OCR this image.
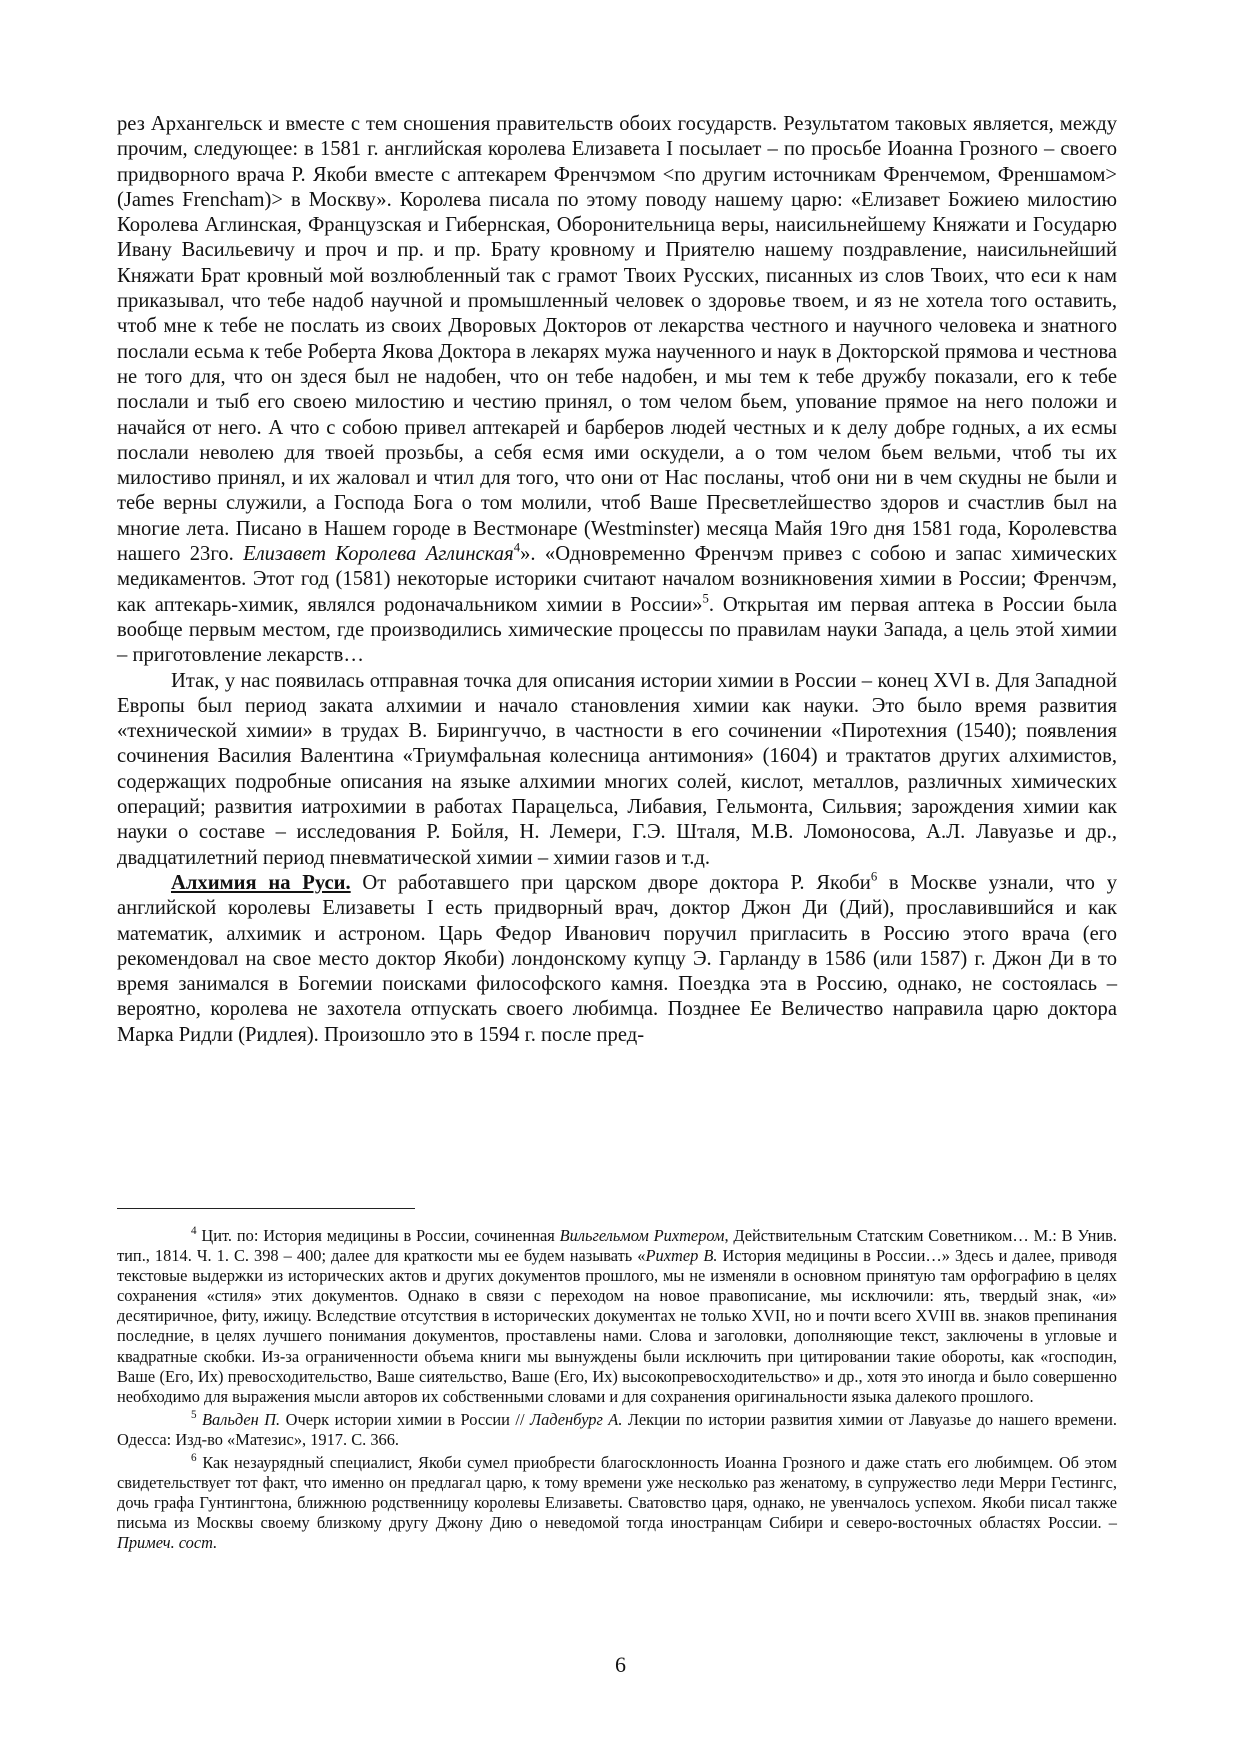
рез Архангельск и вместе с тем сношения правительств обоих государств. Результатом таковых является, между прочим, следующее: в 1581 г. английская королева Елизавета I посылает – по просьбе Иоанна Грозного – своего придворного врача Р. Якоби вместе с аптекарем Френчэмом <по другим источникам Френчемом, Френшамом> (James Frencham)> в Москву». Королева писала по этому поводу нашему царю: «Елизавет Божиею милостию Королева Аглинская, Французская и Гибернская, Оборонительница веры, наисильнейшему Княжати и Государю Ивану Васильевичу и проч и пр. и пр. Брату кровному и Приятелю нашему поздравление, наисильнейший Княжати Брат кровный мой возлюбленный так с грамот Твоих Русских, писанных из слов Твоих, что еси к нам приказывал, что тебе надоб научной и промышленный человек о здоровье твоем, и яз не хотела того оставить, чтоб мне к тебе не послать из своих Дворовых Докторов от лекарства честного и научного человека и знатного послали есьма к тебе Роберта Якова Доктора в лекарях мужа наученного и наук в Докторской прямова и честнова не того для, что он здеся был не надобен, что он тебе надобен, и мы тем к тебе дружбу показали, его к тебе послали и тыб его своею милостию и честию принял, о том челом бьем, упование прямое на него положи и начайся от него. А что с собою привел аптекарей и барберов людей честных и к делу добре годных, а их есмы послали неволею для твоей прозьбы, а себя есмя ими оскудели, а о том челом бьем вельми, чтоб ты их милостиво принял, и их жаловал и чтил для того, что они от Нас посланы, чтоб они ни в чем скудны не были и тебе верны служили, а Господа Бога о том молили, чтоб Ваше Пресветлейшество здоров и счастлив был на многие лета. Писано в Нашем городе в Вестмонаре (Westminster) месяца Майя 19го дня 1581 года, Королевства нашего 23го. Елизавет Королева Аглинская$^4$». «Одновременно Френчэм привез с собою и запас химических медикаментов. Этот год (1581) некоторые историки считают началом возникновения химии в России; Френчэм, как аптекарь-химик, являлся родоначальником химии в России»$^5$. Открытая им первая аптека в России была вообще первым местом, где производились химические процессы по правилам науки Запада, а цель этой химии – приготовление лекарств…

Итак, у нас появилась отправная точка для описания истории химии в России – конец XVI в. Для Западной Европы был период заката алхимии и начало становления химии как науки. Это было время развития «технической химии» в трудах В. Бирингуччо, в частности в его сочинении «Пиротехния (1540); появления сочинения Василия Валентина «Триумфальная колесница антимония» (1604) и трактатов других алхимистов, содержащих подробные описания на языке алхимии многих солей, кислот, металлов, различных химических операций; развития иатрохимии в работах Парацельса, Либавия, Гельмонта, Сильвия; зарождения химии как науки о составе – исследования Р. Бойля, Н. Лемери, Г.Э. Шталя, М.В. Ломоносова, А.Л. Лавуазье и др., двадцатилетний период пневматической химии – химии газов и т.д.

Алхимия на Руси. От работавшего при царском дворе доктора Р. Якоби$^6$ в Москве узнали, что у английской королевы Елизаветы I есть придворный врач, доктор Джон Ди (Дий), прославившийся и как математик, алхимик и астроном. Царь Федор Иванович поручил пригласить в Россию этого врача (его рекомендовал на свое место доктор Якоби) лондонскому купцу Э. Гарланду в 1586 (или 1587) г. Джон Ди в то время занимался в Богемии поисками философского камня. Поездка эта в Россию, однако, не состоялась – вероятно, королева не захотела отпускать своего любимца. Позднее Ее Величество направила царю доктора Марка Ридли (Ридлея). Произошло это в 1594 г. после пред-

$^4$ Цит. по: История медицины в России, сочиненная Вильгельмом Рихтером, Действительным Статским Советником… М.: В Унив. тип., 1814. Ч. 1. С. 398 – 400; далее для краткости мы ее будем называть «Рихтер В. История медицины в России…» Здесь и далее, приводя текстовые выдержки из исторических актов и других документов прошлого, мы не изменяли в основном принятую там орфографию в целях сохранения «стиля» этих документов. Однако в связи с переходом на новое правописание, мы исключили: ять, твердый знак, «и» десятиричное, фиту, ижицу. Вследствие отсутствия в исторических документах не только XVII, но и почти всего XVIII вв. знаков препинания последние, в целях лучшего понимания документов, проставлены нами. Слова и заголовки, дополняющие текст, заключены в угловые и квадратные скобки. Из-за ограниченности объема книги мы вынуждены были исключить при цитировании такие обороты, как «господин, Ваше (Его, Их) превосходительство, Ваше сиятельство, Ваше (Его, Их) высокопревосходительство» и др., хотя это иногда и было совершенно необходимо для выражения мысли авторов их собственными словами и для сохранения оригинальности языка далекого прошлого.

$^5$ Вальден П. Очерк истории химии в России // Ладенбург А. Лекции по истории развития химии от Лавуазье до нашего времени. Одесса: Изд-во «Матезис», 1917. С. 366.

$^6$ Как незаурядный специалист, Якоби сумел приобрести благосклонность Иоанна Грозного и даже стать его любимцем. Об этом свидетельствует тот факт, что именно он предлагал царю, к тому времени уже несколько раз женатому, в супружество леди Мерри Гестингс, дочь графа Гунтингтона, ближнюю родственницу королевы Елизаветы. Сватовство царя, однако, не увенчалось успехом. Якоби писал также письма из Москвы своему близкому другу Джону Дию о неведомой тогда иностранцам Сибири и северо-восточных областях России. – Примеч. сост.

6
